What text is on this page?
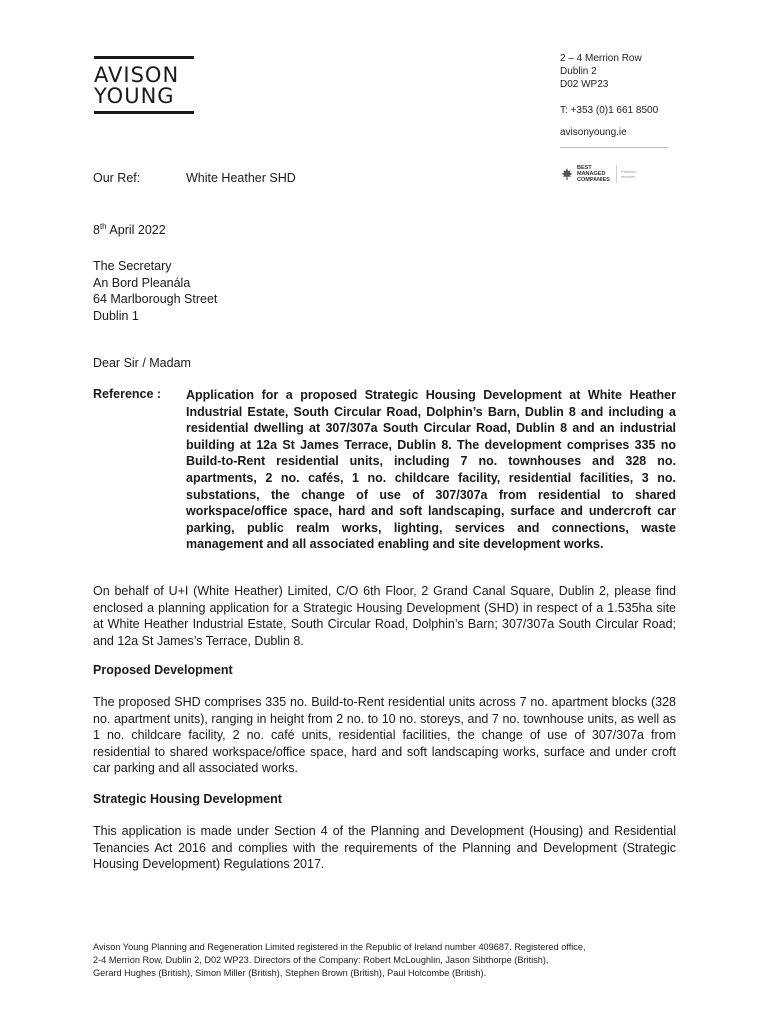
AVISON
YOUNG
2 – 4 Merrion Row
Dublin 2
D02 WP23
T: +353 (0)1 661 8500
avisonyoung.ie
BEST
MANAGED
COMPANIES
Platinum
member
Our Ref:	White Heather SHD
8th April 2022
The Secretary
An Bord Pleanála
64 Marlborough Street
Dublin 1
Dear Sir / Madam
Reference : Application for a proposed Strategic Housing Development at White Heather Industrial Estate, South Circular Road, Dolphin’s Barn, Dublin 8 and including a residential dwelling at 307/307a South Circular Road, Dublin 8 and an industrial building at 12a St James Terrace, Dublin 8. The development comprises 335 no Build-to-Rent residential units, including 7 no. townhouses and 328 no. apartments, 2 no. cafés, 1 no. childcare facility, residential facilities, 3 no. substations, the change of use of 307/307a from residential to shared workspace/office space, hard and soft landscaping, surface and undercroft car parking, public realm works, lighting, services and connections, waste management and all associated enabling and site development works.
On behalf of U+I (White Heather) Limited, C/O 6th Floor, 2 Grand Canal Square, Dublin 2, please find enclosed a planning application for a Strategic Housing Development (SHD) in respect of a 1.535ha site at White Heather Industrial Estate, South Circular Road, Dolphin’s Barn; 307/307a South Circular Road; and 12a St James’s Terrace, Dublin 8.
Proposed Development
The proposed SHD comprises 335 no. Build-to-Rent residential units across 7 no. apartment blocks (328 no. apartment units), ranging in height from 2 no. to 10 no. storeys, and 7 no. townhouse units, as well as 1 no. childcare facility, 2 no. café units, residential facilities, the change of use of 307/307a from residential to shared workspace/office space, hard and soft landscaping works, surface and under croft car parking and all associated works.
Strategic Housing Development
This application is made under Section 4 of the Planning and Development (Housing) and Residential Tenancies Act 2016 and complies with the requirements of the Planning and Development (Strategic Housing Development) Regulations 2017.
Avison Young Planning and Regeneration Limited registered in the Republic of Ireland number 409687. Registered office,
2-4 Merrion Row, Dublin 2, D02 WP23. Directors of the Company: Robert McLoughlin, Jason Sibthorpe (British),
Gerard Hughes (British), Simon Miller (British), Stephen Brown (British), Paul Holcombe (British).
